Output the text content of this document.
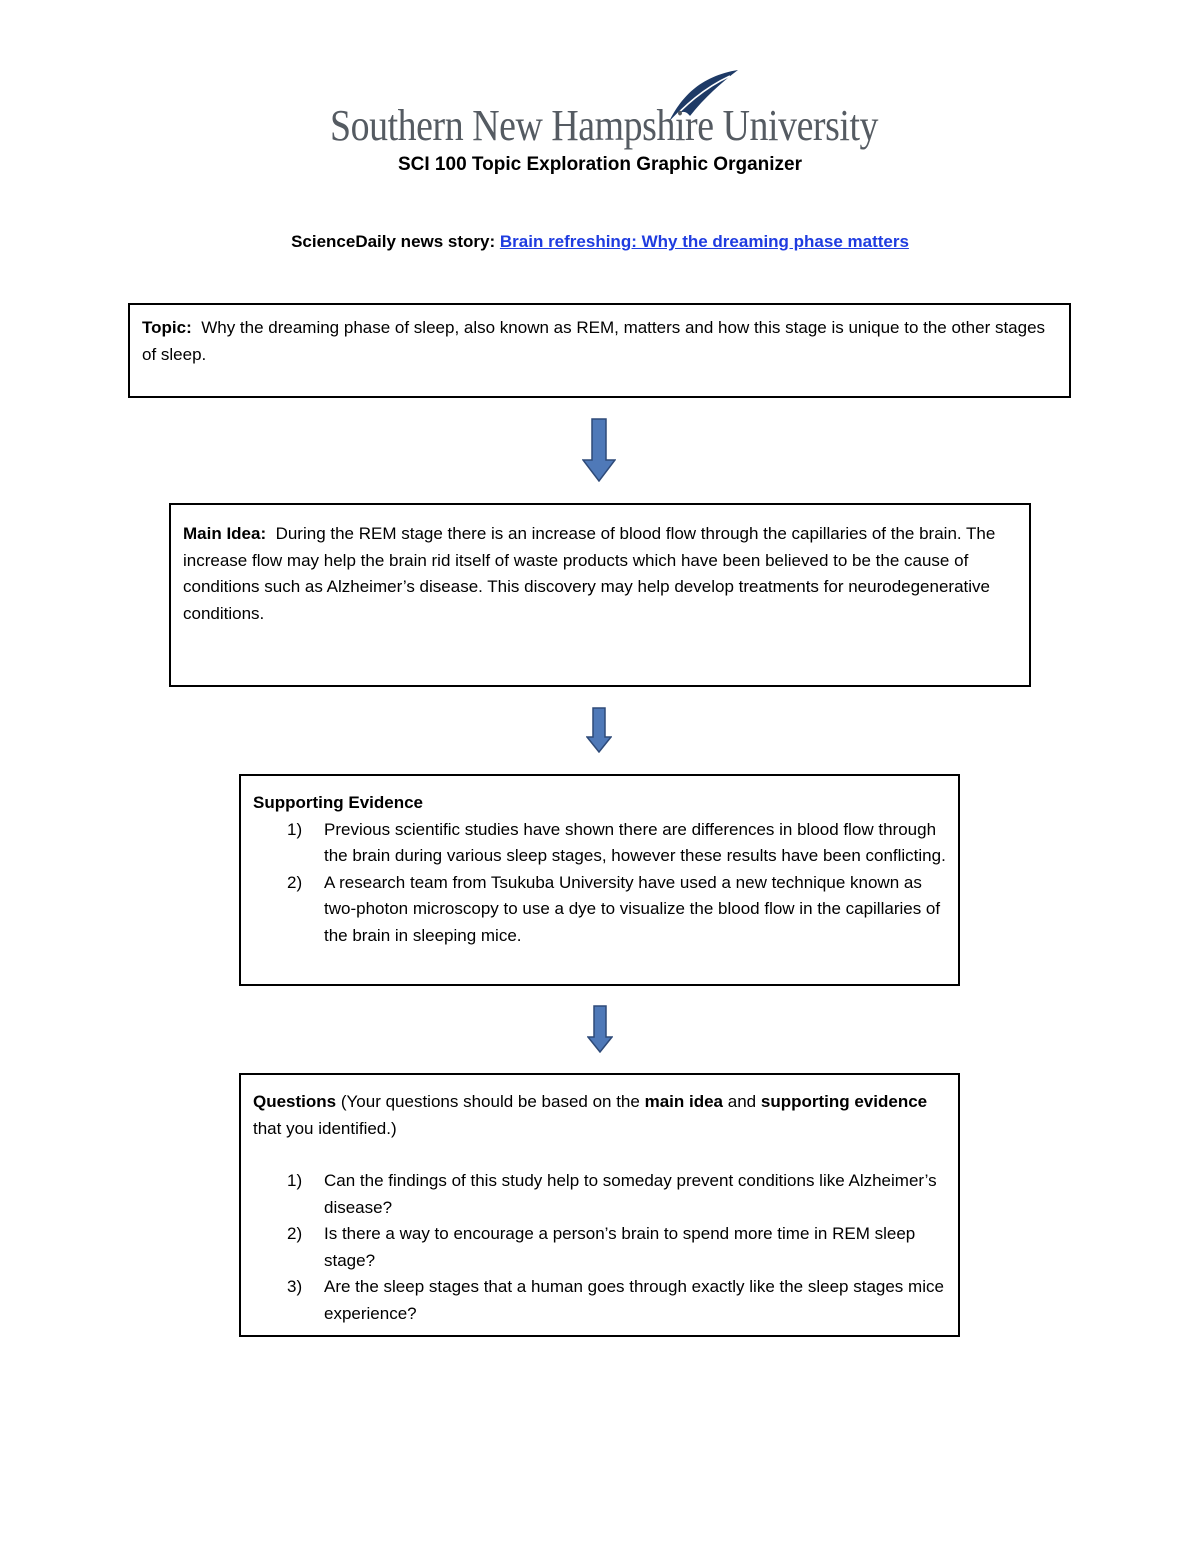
Southern New Hampshire University
SCI 100 Topic Exploration Graphic Organizer
ScienceDaily news story: Brain refreshing: Why the dreaming phase matters
Topic: Why the dreaming phase of sleep, also known as REM, matters and how this stage is unique to the other stages of sleep.
Main Idea: During the REM stage there is an increase of blood flow through the capillaries of the brain. The increase flow may help the brain rid itself of waste products which have been believed to be the cause of conditions such as Alzheimer’s disease. This discovery may help develop treatments for neurodegenerative conditions.
Supporting Evidence
1) Previous scientific studies have shown there are differences in blood flow through the brain during various sleep stages, however these results have been conflicting.
2) A research team from Tsukuba University have used a new technique known as two-photon microscopy to use a dye to visualize the blood flow in the capillaries of the brain in sleeping mice.
Questions (Your questions should be based on the main idea and supporting evidence that you identified.)
1) Can the findings of this study help to someday prevent conditions like Alzheimer’s disease?
2) Is there a way to encourage a person’s brain to spend more time in REM sleep stage?
3) Are the sleep stages that a human goes through exactly like the sleep stages mice experience?
